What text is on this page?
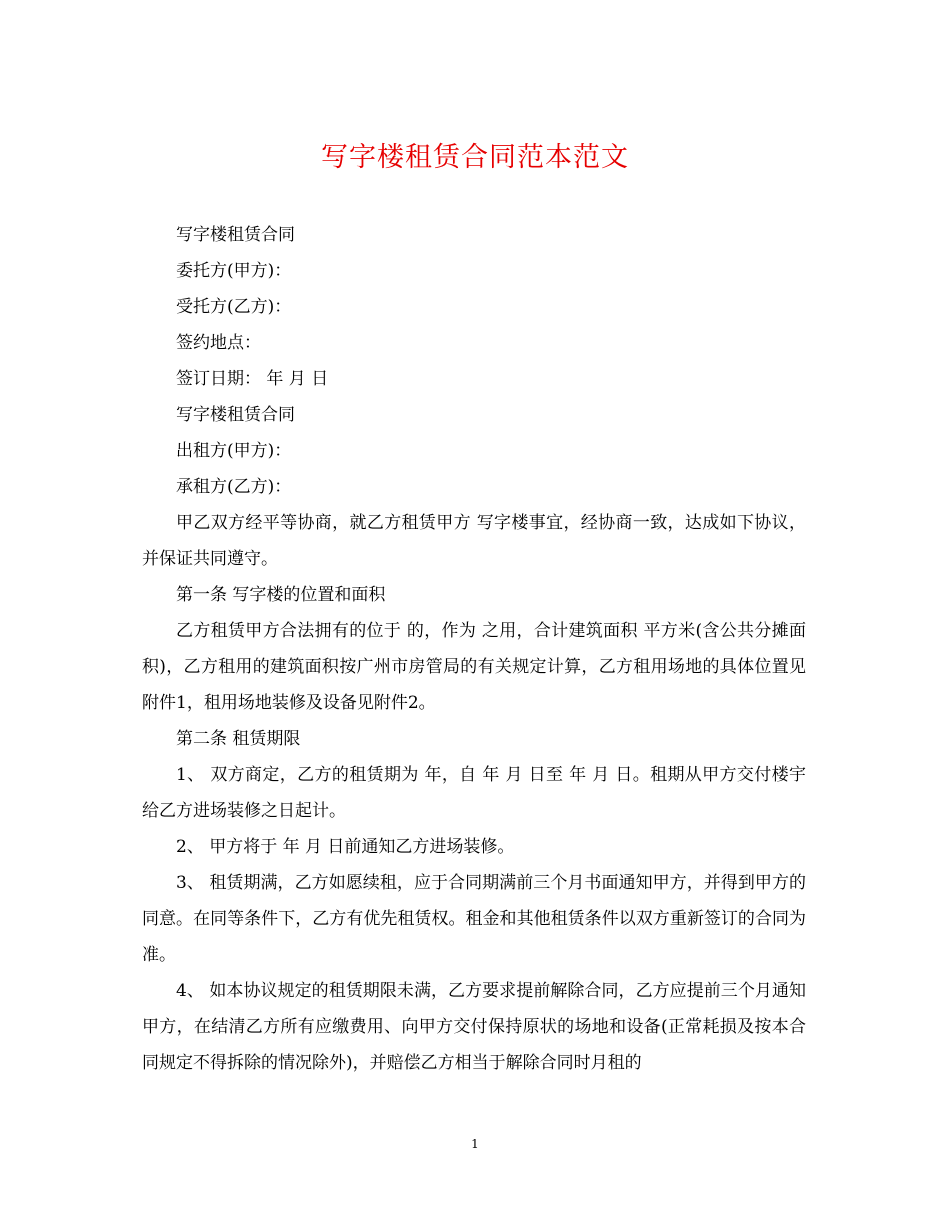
写字楼租赁合同范本范文

写字楼租赁合同

委托方(甲方)：

受托方(乙方)：

签约地点：

签订日期： 年 月 日

写字楼租赁合同

出租方(甲方)：

承租方(乙方)：

甲乙双方经平等协商，就乙方租赁甲方 写字楼事宜，经协商一致，达成如下协议，并保证共同遵守。

第一条 写字楼的位置和面积

乙方租赁甲方合法拥有的位于 的，作为 之用，合计建筑面积 平方米(含公共分摊面积)，乙方租用的建筑面积按广州市房管局的有关规定计算，乙方租用场地的具体位置见附件1，租用场地装修及设备见附件2。

第二条 租赁期限

1、 双方商定，乙方的租赁期为 年，自 年 月 日至 年 月 日。租期从甲方交付楼宇给乙方进场装修之日起计。

2、 甲方将于 年 月 日前通知乙方进场装修。

3、 租赁期满，乙方如愿续租，应于合同期满前三个月书面通知甲方，并得到甲方的同意。在同等条件下，乙方有优先租赁权。租金和其他租赁条件以双方重新签订的合同为准。

4、 如本协议规定的租赁期限未满，乙方要求提前解除合同，乙方应提前三个月通知甲方，在结清乙方所有应缴费用、向甲方交付保持原状的场地和设备(正常耗损及按本合同规定不得拆除的情况除外)，并赔偿乙方相当于解除合同时月租的

1
